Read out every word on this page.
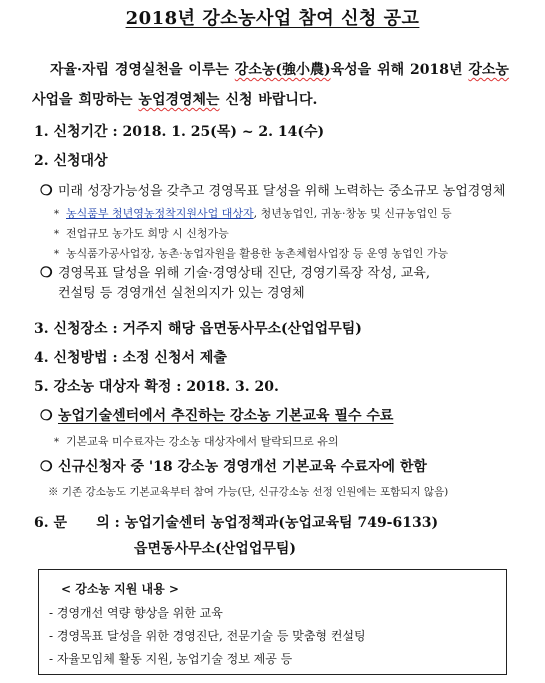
2018년 강소농사업 참여 신청 공고
자율·자립 경영실천을 이루는 강소농(強小農)육성을 위해 2018년 강소농 사업을 희망하는 농업경영체는 신청 바랍니다.
1. 신청기간 : 2018. 1. 25(목) ~ 2. 14(수)
2. 신청대상
❍ 미래 성장가능성을 갖추고 경영목표 달성을 위해 노력하는 중소규모 농업경영체
* 농식품부 청년영농정착지원사업 대상자, 청년농업인, 귀농·창농 및 신규농업인 등
* 전업규모 농가도 희망 시 신청가능
* 농식품가공사업장, 농촌·농업자원을 활용한 농촌체험사업장 등 운영 농업인 가능
❍ 경영목표 달성을 위해 기술·경영상태 진단, 경영기록장 작성, 교육,
컨설팅 등 경영개선 실천의지가 있는 경영체
3. 신청장소 : 거주지 해당 읍면동사무소(산업업무팀)
4. 신청방법 : 소정 신청서 제출
5. 강소농 대상자 확정 : 2018. 3. 20.
❍ 농업기술센터에서 추진하는 강소농 기본교육 필수 수료
* 기본교육 미수료자는 강소농 대상자에서 탈락되므로 유의
❍ 신규신청자 중 '18 강소농 경영개선 기본교육 수료자에 한함
※ 기존 강소농도 기본교육부터 참여 가능(단, 신규강소농 선정 인원에는 포함되지 않음)
6. 문      의 : 농업기술센터 농업정책과(농업교육팀 749-6133)
읍면동사무소(산업업무팀)
< 강소농 지원 내용 >
- 경영개선 역량 향상을 위한 교육
- 경영목표 달성을 위한 경영진단, 전문기술 등 맞춤형 컨설팅
- 자율모임체 활동 지원, 농업기술 정보 제공 등
